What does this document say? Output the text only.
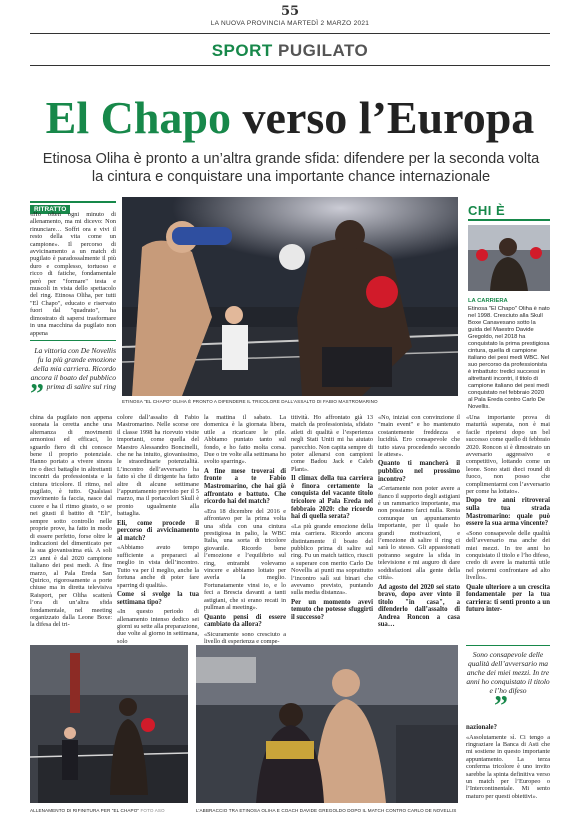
55
LA NUOVA PROVINCIA MARTEDÌ 2 MARZO 2021
SPORT PUGILATO
El Chapo verso l’Europa
Etinosa Oliha è pronto a un’altra grande sfida: difendere per la seconda volta la cintura e conquistare una importante chance internazionale
RITRATTO
«Ho often ogni minuto di allenamento, ma mi dicevo: Non rinunciare… Soffri ora e vivi il resto della vita come un campione». Il percorso di avvicinamento a un match di pugilato è paradossalmente il più duro e complesso, tortuoso e ricco di fatiche, fondamentale però per "formare" testa e muscoli in vista dello spettacolo del ring. Etinosa Oliha, per tutti "El Chapo", educato e riservato fuori dal "quadrato", ha dimostrato di sapersi trasformare in una macchina da pugilato non appena
La vittoria con De Novellis fu la più grande emozione della mia carriera. Ricordo ancora il boato del pubblico prima di salire sul ring
”	ETINOSA "EL CHAPO" OLIHA È PRONTO A DIFENDERE IL TRICOLORE DALL’ASSALTO DI FABIO MASTROMARINO
CHI È
LA CARRIERA
Etinosa "El Chapo" Oliha è nato nel 1998. Cresciuto alla Skull Boxe Canavesano sotto la guida del Maestro Davide Gregoldo, nel 2018 ha conquistato la prima prestigiosa cintura, quella di campione italiano dei pesi medi WBC. Nel suo percorso da professionista è imbattuto: tredici successi in altrettanti incontri, il titolo di campione italiano dei pesi medi conquistato nel febbraio 2020 al Pala Ereda contro Carlo De Novellis.
china da pugilato non appena suonata la ceretta anche una alternanza di movimenti armoniosi ed efficaci, lo sguardo fiero di chi conosce bene il proprio potenziale. Hanno portato a vivere sinora tre o dieci battaglie in altrettanti incontri da professionista e la cintura tricolore. Il ritmo, nel pugilato, è tutto. Qualsiasi movimento fa faccia, nasce dal cuore e ha il ritmo giusto, o se nei giusti il battito di "Eli", sempre sotto controllo nelle proprie prove, ha fatto in modo di essere perfetto, forse oltre le indicazioni del dimenticato per la sua giovanissima età. A soli 23 anni è dal 2020 campione italiano dei pesi medi. A fine marzo, al Pala Ereda San Quirico, rigorosamente a porte chiuse ma in diretta televisiva Raisport, per Oliha scatterà l’ora di un’altra sfida fondamentale, nel meeting organizzato dalla Leone Boxe: la difesa del tri-
colore dall’assalto di Fabio Mastromarino. Nelle scorse ore il classe 1998 ha ricevuto visite importanti, come quella del Maestro Alessandro Boncinelli, che ne ha intuito, giovanissimo, le straordinarie potenzialità. L’incontro dell’avversario ha fatto sì che il dirigente ha fatto altre di alcune settimane l’appuntamento previsto per il 5 marzo, ma il portacolori Skull è pronto ugualmente alla battaglia.
Eli, come procede il percorso di avvicinamento al match?
«Abbiamo avuto tempo sufficiente a prepararci al meglio in vista dell’incontro. Tutto va per il meglio, anche la fortuna anche di poter fare sparring di qualità».
Come si svolge la tua settimana tipo?
«In questo periodo di allenamento intenso dedico sei giorni su sette alla preparazione, due volte al giorno in settimana, solo
la mattina il sabato. La domenica è la giornata libera, utile a ricaricare le pile. Abbiamo puntato tanto sul fondo, e ho fatto molta corsa. Due o tre volte alla settimana ho svolto sparring».
A fine mese troverai di fronte a te Fabio Mastromarino, che hai già affrontato e battuto. Che ricordo hai del match?
«Era 18 dicembre del 2016 e affrontavo per la prima volta una sfida con una cintura prestigiosa in palio, la WBC Italia, una sorta di tricolore giovanile. Ricordo bene l’emozione e l’equilibrio sul ring, entrambi volevamo vincere e abbiamo lottato per averla la meglio. Fortunatamente vinsi io, e lo feci a Brescia davanti a tanti astigiani, che si erano recati in pullman al meeting».
Quanto pensi di essere cambiato da allora?
«Sicuramente sono cresciuto a livello di esperienza e compe-
titività. Ho affrontato già 13 match da professionista, sfidato atleti di qualità e l’esperienza negli Stati Uniti mi ha aiutato parecchio. Non capita sempre di poter allenarsi con campioni come Badou Jack e Caleb Plant».
Il climax della tua carriera è finora certamente la conquista del vacante titolo tricolore al Pala Ereda nel febbraio 2020: che ricordo hai di quella serata?
«La più grande emozione della mia carriera. Ricordo ancora distintamente il boato del pubblico prima di salire sul ring. Fu un match tattico, riuscii a superare con merito Carlo De Novellis ai punti ma soprattutto l’incontro salì sui binari che avevamo previsto, puntando sulla media distanza».
Per un momento avevi temuto che potesse sfuggirti il successo?
«No, iniziai con convinzione il "main event" e ho mantenuto costantemente freddezza e lucidità. Ero consapevole che tutto stava procedendo secondo le attese».
Quanto ti mancherà il pubblico nel prossimo incontro?
«Certamente non poter avere a fianco il supporto degli astigiani è un rammarico importante, ma non possiamo farci nulla. Resta comunque un appuntamento importante, per il quale ho grandi motivazioni, e l’emozione di salire il ring ci sarà lo stesso. Gli appassionati potranno seguire la sfida in televisione e mi auguro di dare soddisfazioni alla gente della città».
Ad agosto del 2020 sei stato bravo, dopo aver vinto il titolo "in casa", a difenderlo dall’assalto di Andrea Roncon a casa sua…
«Una importante prova di maturità superata, non è mai facile ripetersi dopo un bel successo come quello di febbraio 2020. Roncon si è dimostrato un avversario aggressivo e competitivo, lottando come un leone. Sono stati dieci round di fuoco, non posso che complimentarmi con l’avversario per come ha lottato».
Dopo tre anni ritroverai sulla tua strada Mastromarino: quale può essere la sua arma vincente?
«Sono consapevole delle qualità dell’avversario ma anche dei miei mezzi. In tre anni ho conquistato il titolo e l’ho difeso, credo di avere la maturità utile nel potermi confrontare ad alto livello».
Quale ulteriore a un crescita fondamentale per la tua carriera: ti senti pronto a un futuro inter-
ALLENAMENTO DI RIFINITURA PER "EL CHAPO" FOTO ASO	L’ABBRACCIO TRA ETINOSA OLIHA E COACH DAVIDE GREGOLDO DOPO IL MATCH CONTRO CARLO DE NOVELLIS
Sono consapevole delle qualità dell’avversario ma anche dei miei mezzi. In tre anni ho conquistato il titolo e l’ho difeso
”
nazionale?
«Assolutamente sì. Ci tengo a ringraziare la Banca di Asti che mi sostiene in questo importante appuntamento. La terza conferma tricolore è uno invito sarebbe la spinta definitiva verso un match per l’Europeo o l’Intercontinentale. Mi sento maturo per questi obiettivi».
